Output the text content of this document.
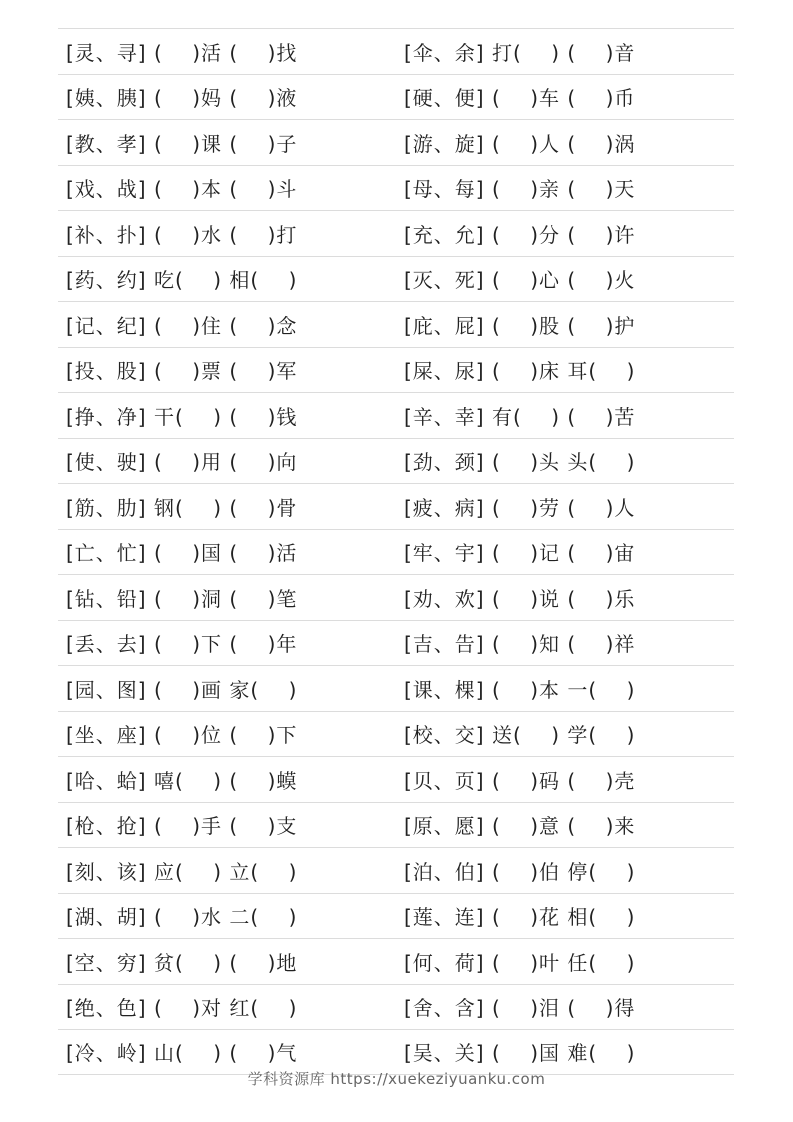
[灵、寻] (    )活 (    )找	[伞、余] 打(    ) (    )音
[姨、胰] (    )妈 (    )液	[硬、便] (    )车 (    )币
[教、孝] (    )课 (    )子	[游、旋] (    )人 (    )涡
[戏、战] (    )本 (    )斗	[母、每] (    )亲 (    )天
[补、扑] (    )水 (    )打	[充、允] (    )分 (    )许
[药、约] 吃(    ) 相(    )	[灭、死] (    )心 (    )火
[记、纪] (    )住 (    )念	[庇、屁] (    )股 (    )护
[投、股] (    )票 (    )军	[屎、尿] (    )床 耳(    )
[挣、净] 干(    ) (    )钱	[辛、幸] 有(    ) (    )苦
[使、驶] (    )用 (    )向	[劲、颈] (    )头 头(    )
[筋、肋] 钢(    ) (    )骨	[疲、病] (    )劳 (    )人
[亡、忙] (    )国 (    )活	[牢、宇] (    )记 (    )宙
[钻、铅] (    )洞 (    )笔	[劝、欢] (    )说 (    )乐
[丢、去] (    )下 (    )年	[吉、告] (    )知 (    )祥
[园、图] (    )画 家(    )	[课、棵] (    )本 一(    )
[坐、座] (    )位 (    )下	[校、交] 送(    ) 学(    )
[哈、蛤] 嘻(    ) (    )蟆	[贝、页] (    )码 (    )壳
[枪、抢] (    )手 (    )支	[原、愿] (    )意 (    )来
[刻、该] 应(    ) 立(    )	[泊、伯] (    )伯 停(    )
[湖、胡] (    )水 二(    )	[莲、连] (    )花 相(    )
[空、穷] 贫(    ) (    )地	[何、荷] (    )叶 任(    )
[绝、色] (    )对 红(    )	[舍、含] (    )泪 (    )得
[冷、岭] 山(    ) (    )气	[吴、关] (    )国 难(    )
学科资源库 https://xuekeziyuanku.com
